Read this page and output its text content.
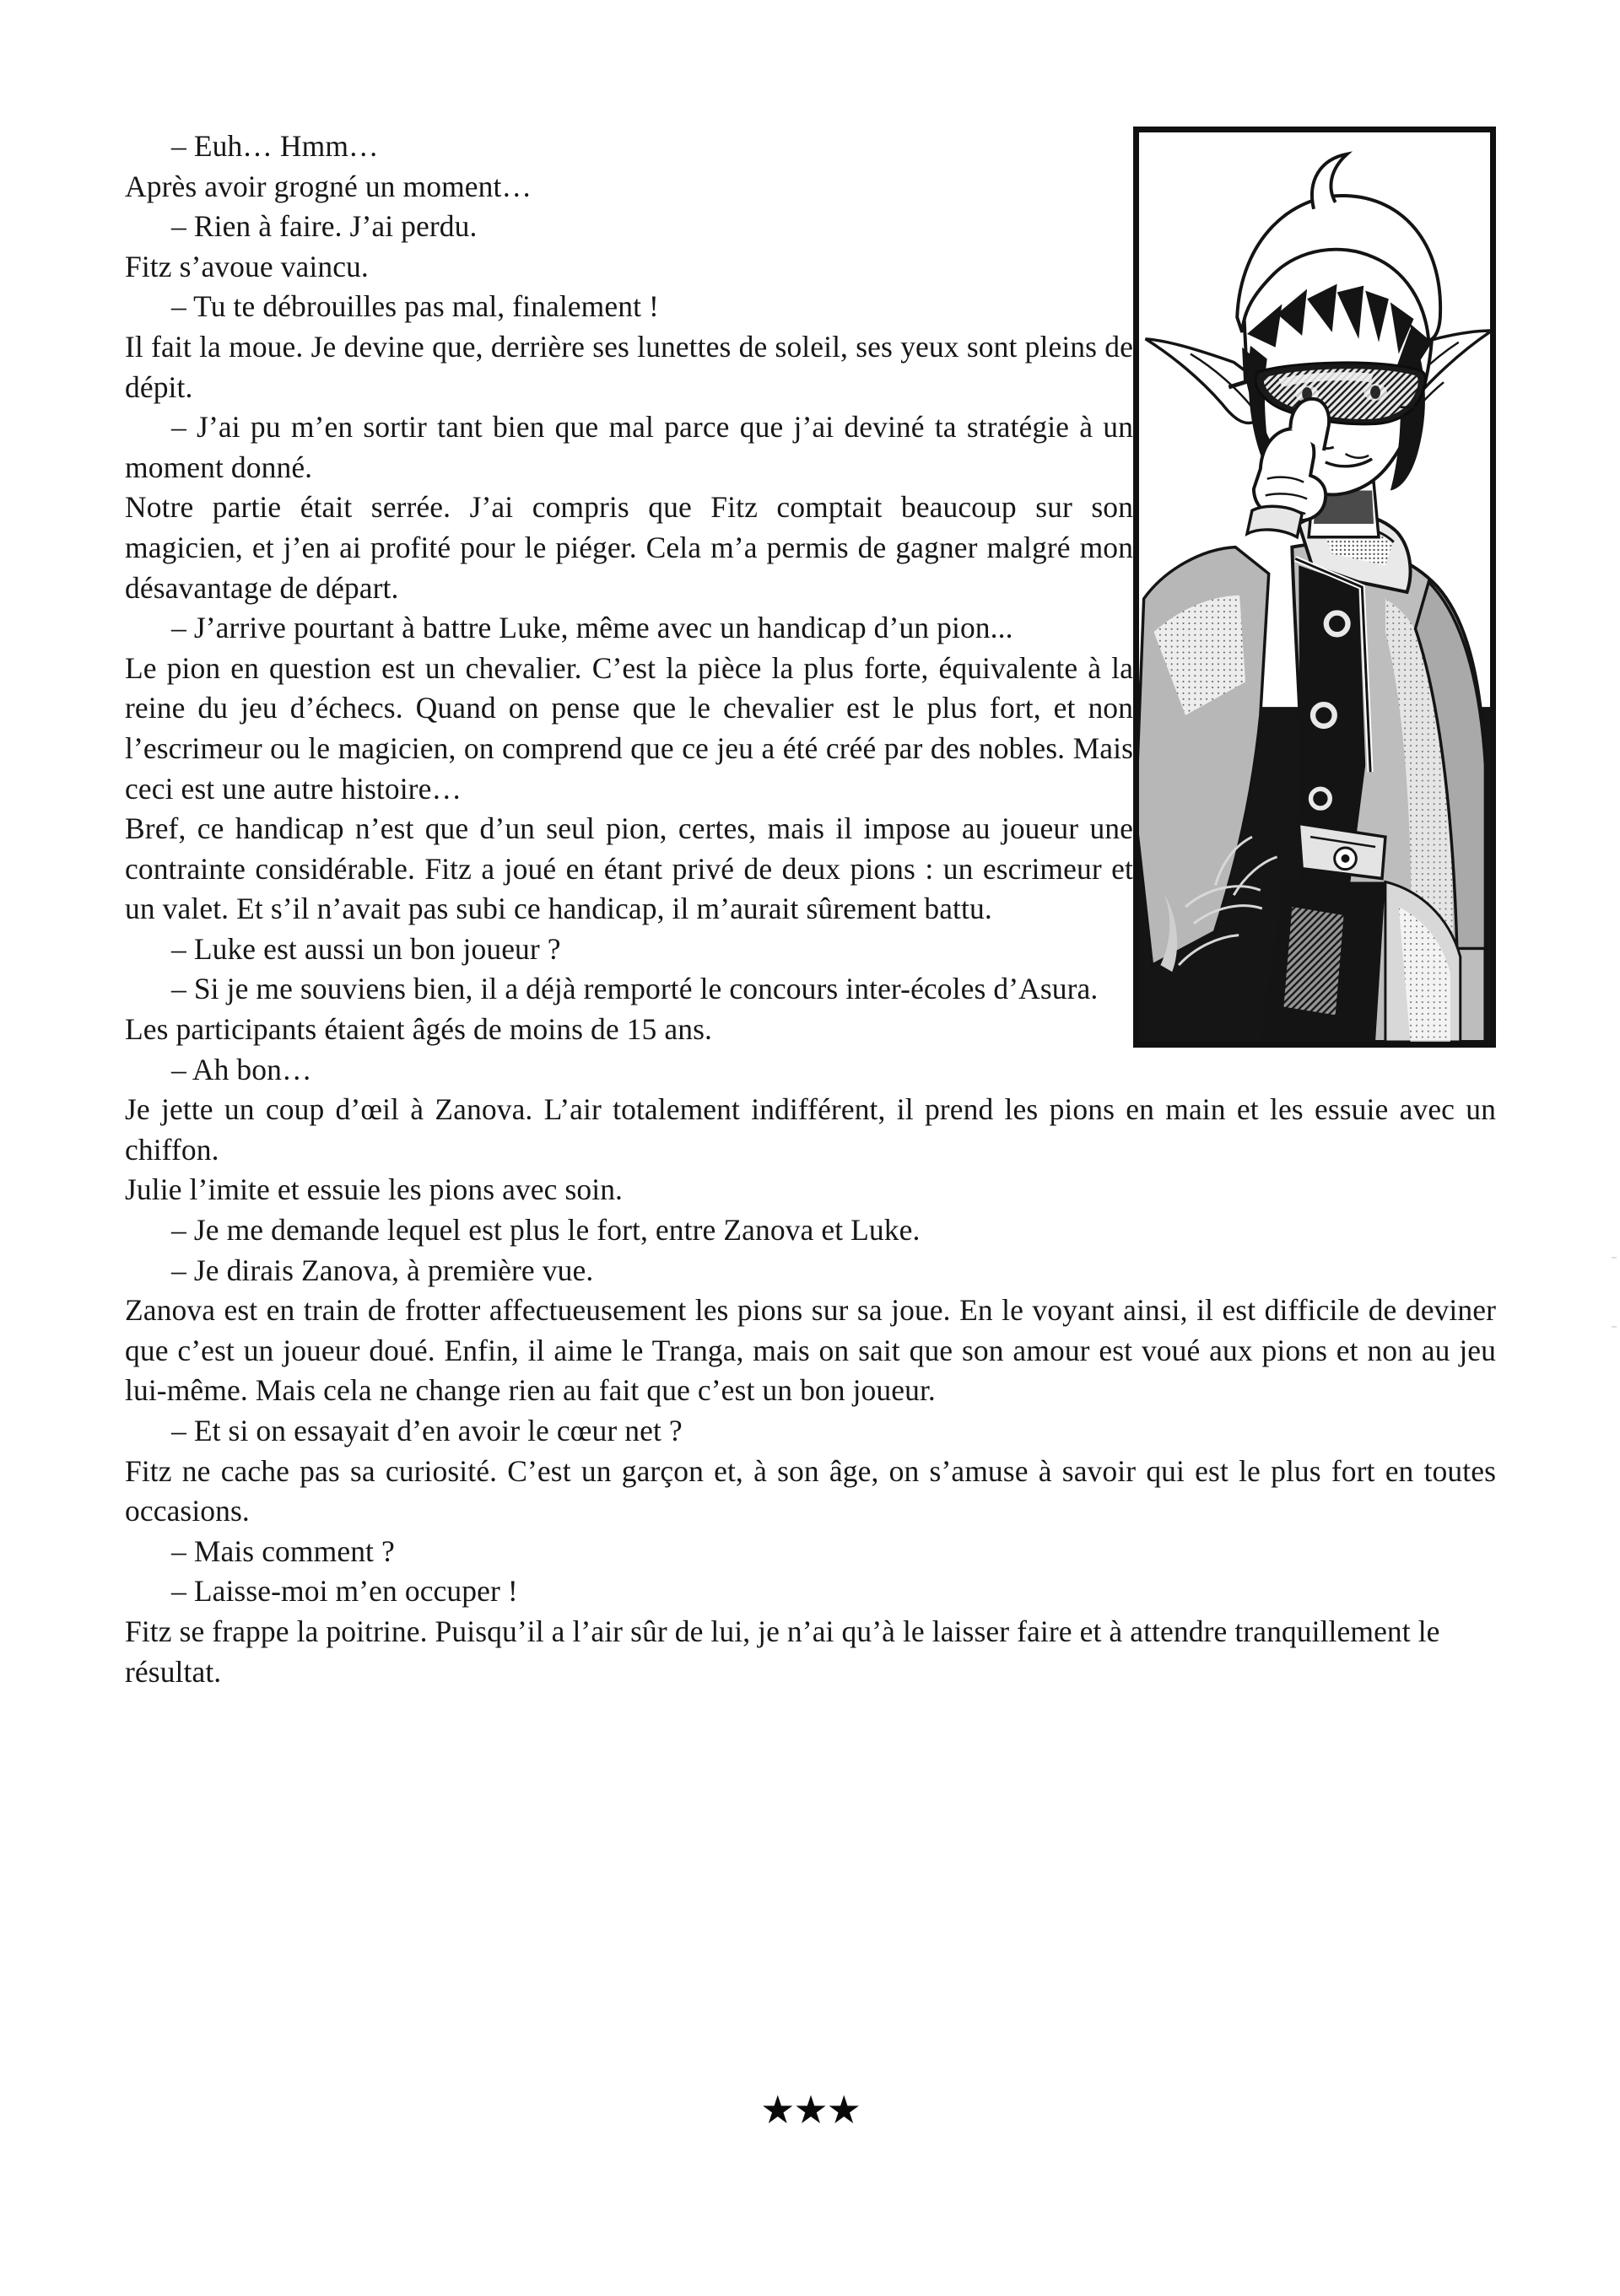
– Euh… Hmm…

Après avoir grogné un moment…

– Rien à faire. J’ai perdu.

Fitz s’avoue vaincu.

– Tu te débrouilles pas mal, finalement !

Il fait la moue. Je devine que, derrière ses lunettes de soleil, ses yeux sont pleins de dépit.

– J’ai pu m’en sortir tant bien que mal parce que j’ai deviné ta stratégie à un moment donné.

Notre partie était serrée. J’ai compris que Fitz comptait beaucoup sur son magicien, et j’en ai profité pour le piéger. Cela m’a permis de gagner malgré mon désavantage de départ.

– J’arrive pourtant à battre Luke, même avec un handicap d’un pion...

Le pion en question est un chevalier. C’est la pièce la plus forte, équivalente à la reine du jeu d’échecs. Quand on pense que le chevalier est le plus fort, et non l’escrimeur ou le magicien, on comprend que ce jeu a été créé par des nobles. Mais ceci est une autre histoire…

Bref, ce handicap n’est que d’un seul pion, certes, mais il impose au joueur une contrainte considérable. Fitz a joué en étant privé de deux pions : un escrimeur et un valet. Et s’il n’avait pas subi ce handicap, il m’aurait sûrement battu.

– Luke est aussi un bon joueur ?

– Si je me souviens bien, il a déjà remporté le concours inter-écoles d’Asura.

Les participants étaient âgés de moins de 15 ans.

– Ah bon…

Je jette un coup d’œil à Zanova. L’air totalement indifférent, il prend les pions en main et les essuie avec un chiffon.

Julie l’imite et essuie les pions avec soin.

– Je me demande lequel est plus le fort, entre Zanova et Luke.

– Je dirais Zanova, à première vue.

Zanova est en train de frotter affectueusement les pions sur sa joue. En le voyant ainsi, il est difficile de deviner que c’est un joueur doué. Enfin, il aime le Tranga, mais on sait que son amour est voué aux pions et non au jeu lui-même. Mais cela ne change rien au fait que c’est un bon joueur.

– Et si on essayait d’en avoir le cœur net ?

Fitz ne cache pas sa curiosité. C’est un garçon et, à son âge, on s’amuse à savoir qui est le plus fort en toutes occasions.

– Mais comment ?

– Laisse-moi m’en occuper !

Fitz se frappe la poitrine. Puisqu’il a l’air sûr de lui, je n’ai qu’à le laisser faire et à attendre tranquillement le résultat.

★★★
